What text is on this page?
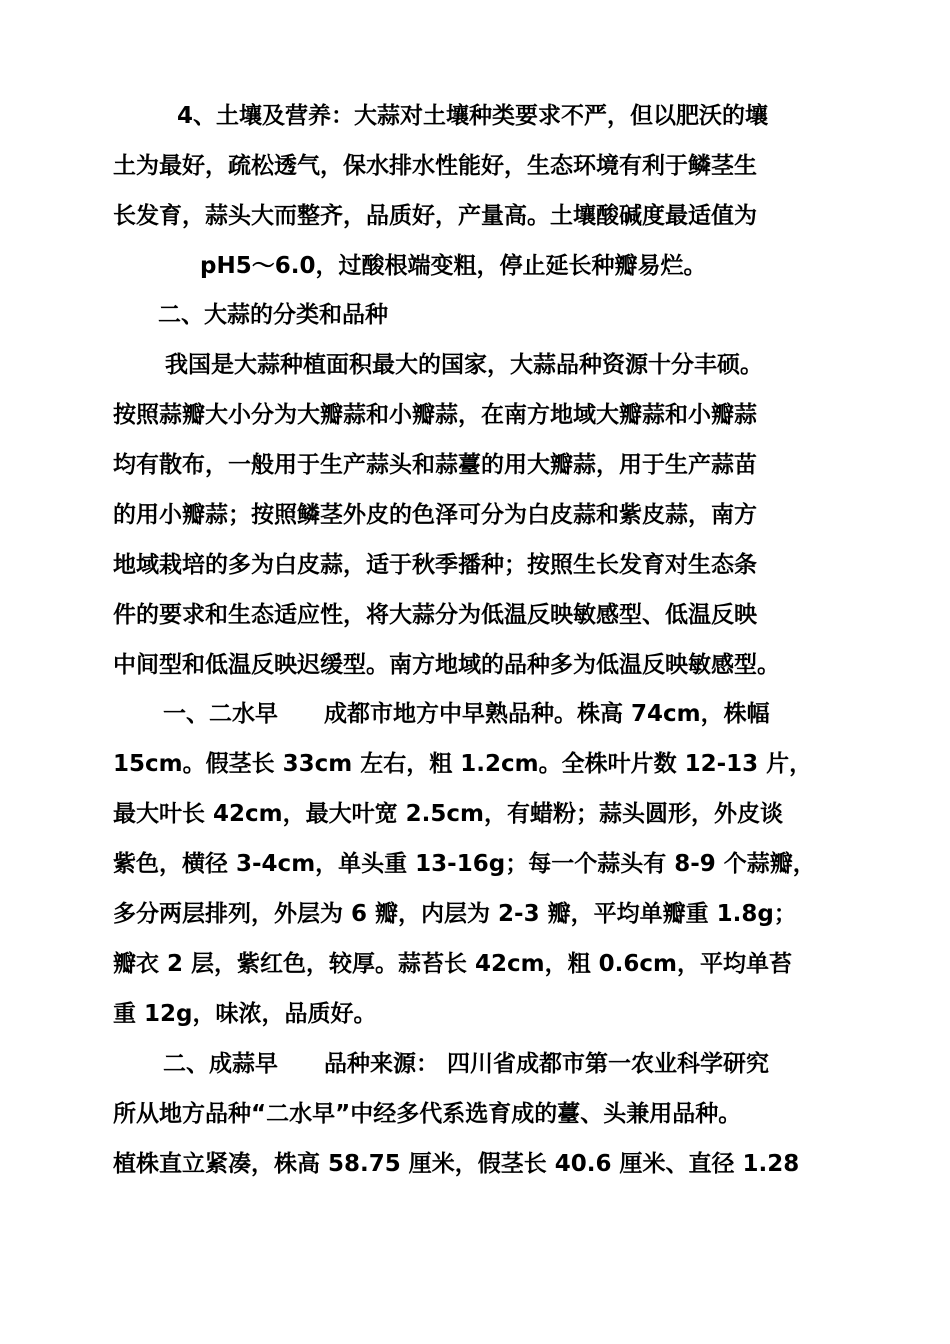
4、土壤及营养：大蒜对土壤种类要求不严，但以肥沃的壤
土为最好，疏松透气，保水排水性能好，生态环境有利于鳞茎生
长发育，蒜头大而整齐，品质好，产量高。土壤酸碱度最适值为
pH5～6.0，过酸根端变粗，停止延长种瓣易烂。
二、大蒜的分类和品种
我国是大蒜种植面积最大的国家，大蒜品种资源十分丰硕。
按照蒜瓣大小分为大瓣蒜和小瓣蒜，在南方地域大瓣蒜和小瓣蒜
均有散布，一般用于生产蒜头和蒜薹的用大瓣蒜，用于生产蒜苗
的用小瓣蒜；按照鳞茎外皮的色泽可分为白皮蒜和紫皮蒜，南方
地域栽培的多为白皮蒜，适于秋季播种；按照生长发育对生态条
件的要求和生态适应性，将大蒜分为低温反映敏感型、低温反映
中间型和低温反映迟缓型。南方地域的品种多为低温反映敏感型。
一、二水早　　成都市地方中早熟品种。株高 74cm，株幅
15cm。假茎长 33cm 左右，粗 1.2cm。全株叶片数 12-13 片，
最大叶长 42cm，最大叶宽 2.5cm，有蜡粉；蒜头圆形，外皮谈
紫色，横径 3-4cm，单头重 13-16g；每一个蒜头有 8-9 个蒜瓣，
多分两层排列，外层为 6 瓣，内层为 2-3 瓣，平均单瓣重 1.8g；
瓣衣 2 层，紫红色，较厚。蒜苔长 42cm，粗 0.6cm，平均单苔
重 12g，味浓，品质好。
二、成蒜早　　品种来源： 四川省成都市第一农业科学研究
所从地方品种“二水早”中经多代系选育成的薹、头兼用品种。
植株直立紧凑，株高 58.75 厘米，假茎长 40.6 厘米、直径 1.28
